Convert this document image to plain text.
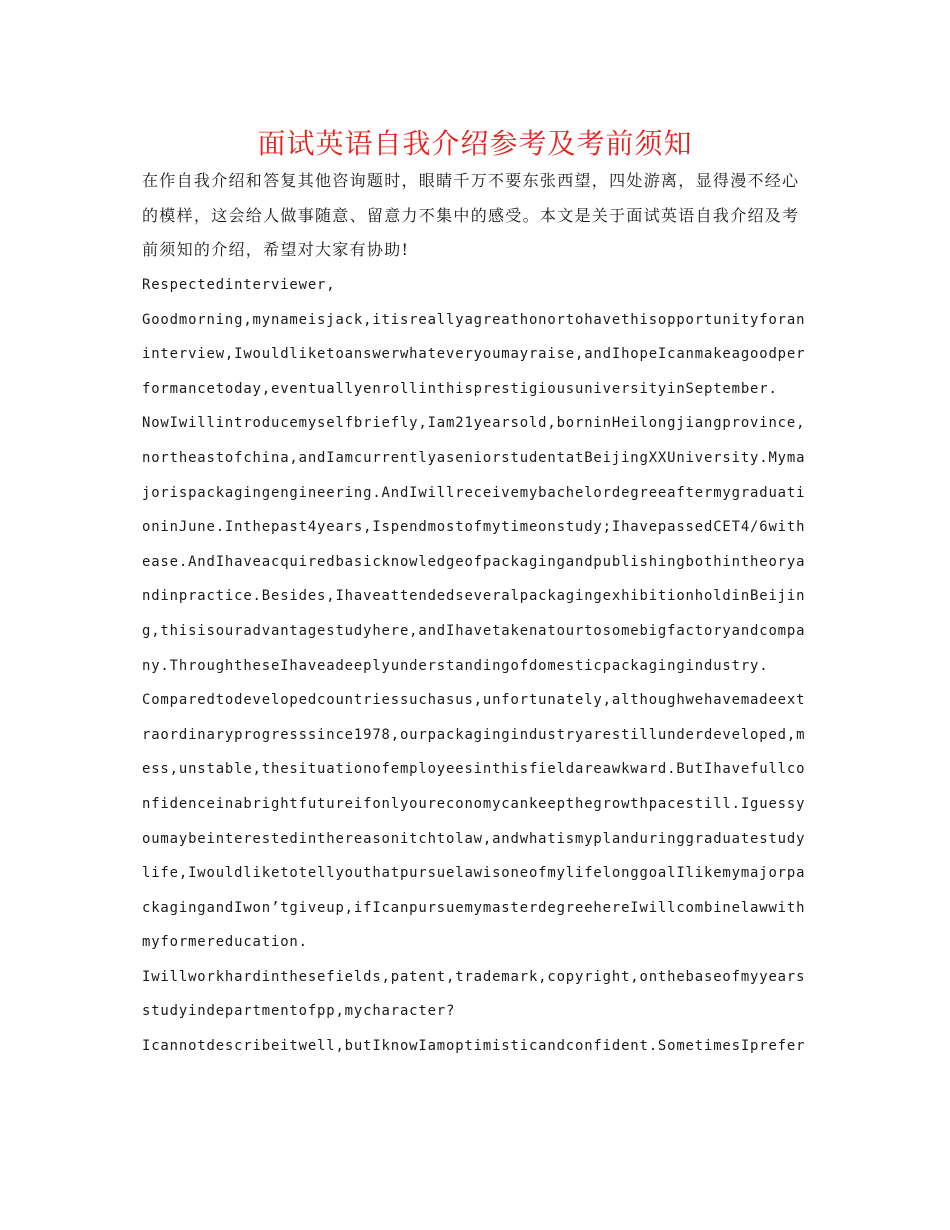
面试英语自我介绍参考及考前须知

在作自我介绍和答复其他咨询题时，眼睛千万不要东张西望，四处游离，显得漫不经心的模样，这会给人做事随意、留意力不集中的感受。本文是关于面试英语自我介绍及考前须知的介绍，希望对大家有协助!

Respectedinterviewer,

Goodmorning,mynameisjack,itisreallyagreathonortohavethisopportunityforaninterview,Iwouldliketoanswerwhateveryoumayraise,andIhopeIcanmakeagoodperformancetoday,eventuallyenrollinthisprestigiousuniversityinSeptember.

NowIwillintroducemyselfbriefly,Iam21yearsold,borninHeilongjiangprovince,northeastofchina,andIamcurrentlyaseniorstudentatBeijingXXUniversity.Mymajorispackagingengineering.AndIwillreceivemybachelordegreeaftermygraduationinJune.Inthepast4years,Ispendmostofmytimeonstudy;IhavepassedCET4/6withease.AndIhaveacquiredbasicknowledgeofpackagingandpublishingbothintheoryandinpractice.Besides,IhaveattendedseveralpackagingexhibitionholdinBeijing,thisisouradvantagestudyhere,andIhavetakenatourtosomebigfactoryandcompany.ThroughtheseIhaveadeeplyunderstandingofdomesticpackagingindustry.

Comparedtodevelopedcountriessuchasus,unfortunately,althoughwehavemadeextraordinaryprogresssince1978,ourpackagingindustryarestillunderdeveloped,mess,unstable,thesituationofemployeesinthisfieldareawkward.ButIhavefullconfidenceinabrightfutureifonlyoureconomycankeepthegrowthpacestill.Iguessyoumaybeinterestedinthereasonitchtolaw,andwhatismyplanduringgraduatestudylife,IwouldliketotellyouthatpursuelawisoneofmylifelonggoalIlikemymajorpackagingandIwon’tgiveup,ifIcanpursuemymasterdegreehereIwillcombinelawwithmyformereducation.

Iwillworkhardinthesefields,patent,trademark,copyright,onthebaseofmyyearsstudyindepartmentofpp,mycharacter?

Icannotdescribeitwell,butIknowIamoptimisticandconfident.SometimesIprefer
